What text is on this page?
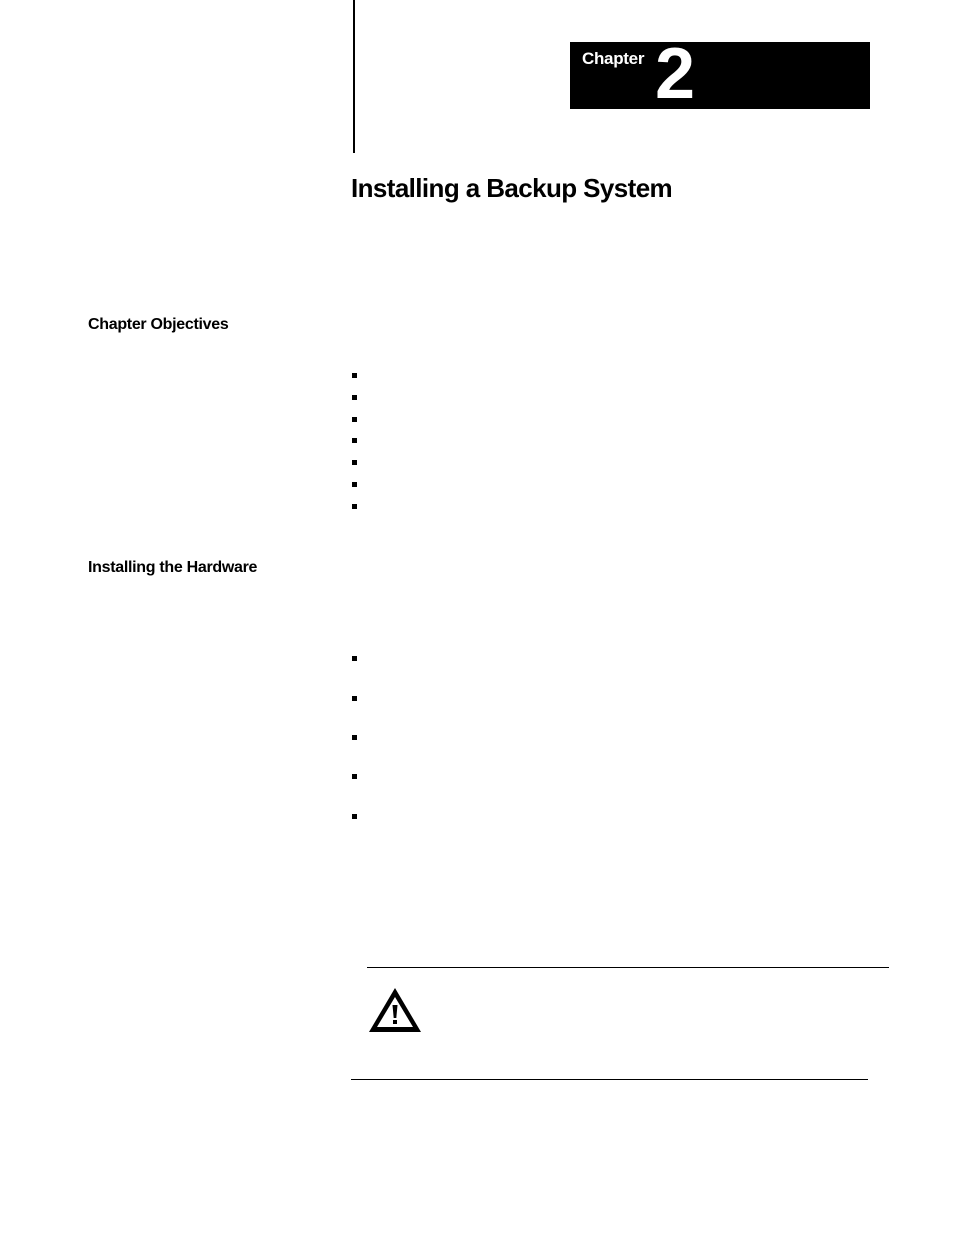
Chapter 2
Installing a Backup System
Chapter Objectives
Installing the Hardware
